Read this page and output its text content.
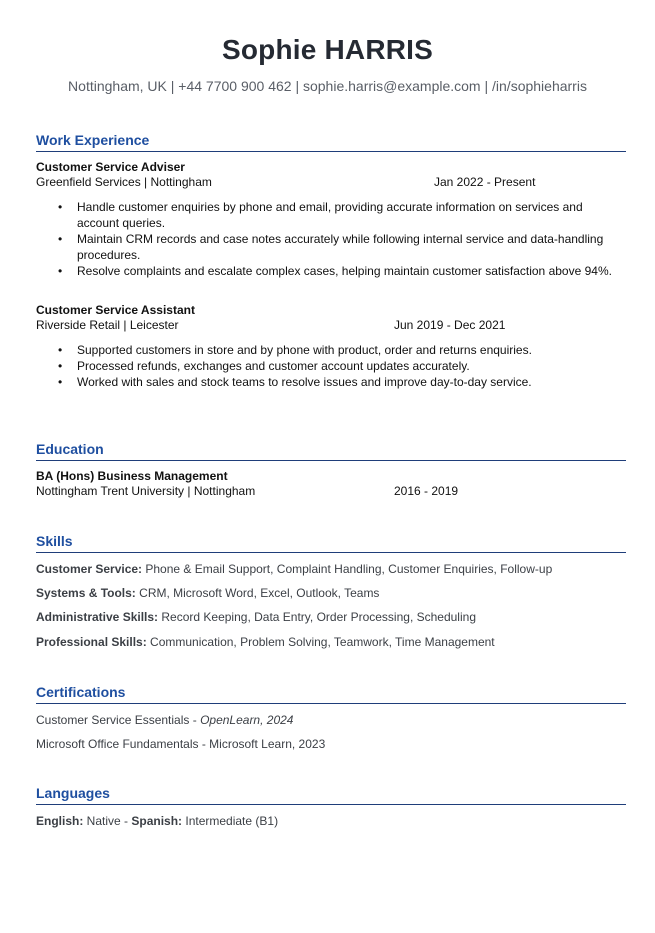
Sophie HARRIS
Nottingham, UK | +44 7700 900 462 | sophie.harris@example.com | /in/sophieharris
Work Experience
Customer Service Adviser
Greenfield Services | Nottingham	Jan 2022 - Present
• Handle customer enquiries by phone and email, providing accurate information on services and account queries.
• Maintain CRM records and case notes accurately while following internal service and data-handling procedures.
• Resolve complaints and escalate complex cases, helping maintain customer satisfaction above 94%.
Customer Service Assistant
Riverside Retail | Leicester	Jun 2019 - Dec 2021
• Supported customers in store and by phone with product, order and returns enquiries.
• Processed refunds, exchanges and customer account updates accurately.
• Worked with sales and stock teams to resolve issues and improve day-to-day service.
Education
BA (Hons) Business Management
Nottingham Trent University | Nottingham	2016 - 2019
Skills
Customer Service: Phone & Email Support, Complaint Handling, Customer Enquiries, Follow-up
Systems & Tools: CRM, Microsoft Word, Excel, Outlook, Teams
Administrative Skills: Record Keeping, Data Entry, Order Processing, Scheduling
Professional Skills: Communication, Problem Solving, Teamwork, Time Management
Certifications
Customer Service Essentials - OpenLearn, 2024
Microsoft Office Fundamentals - Microsoft Learn, 2023
Languages
English: Native - Spanish: Intermediate (B1)
